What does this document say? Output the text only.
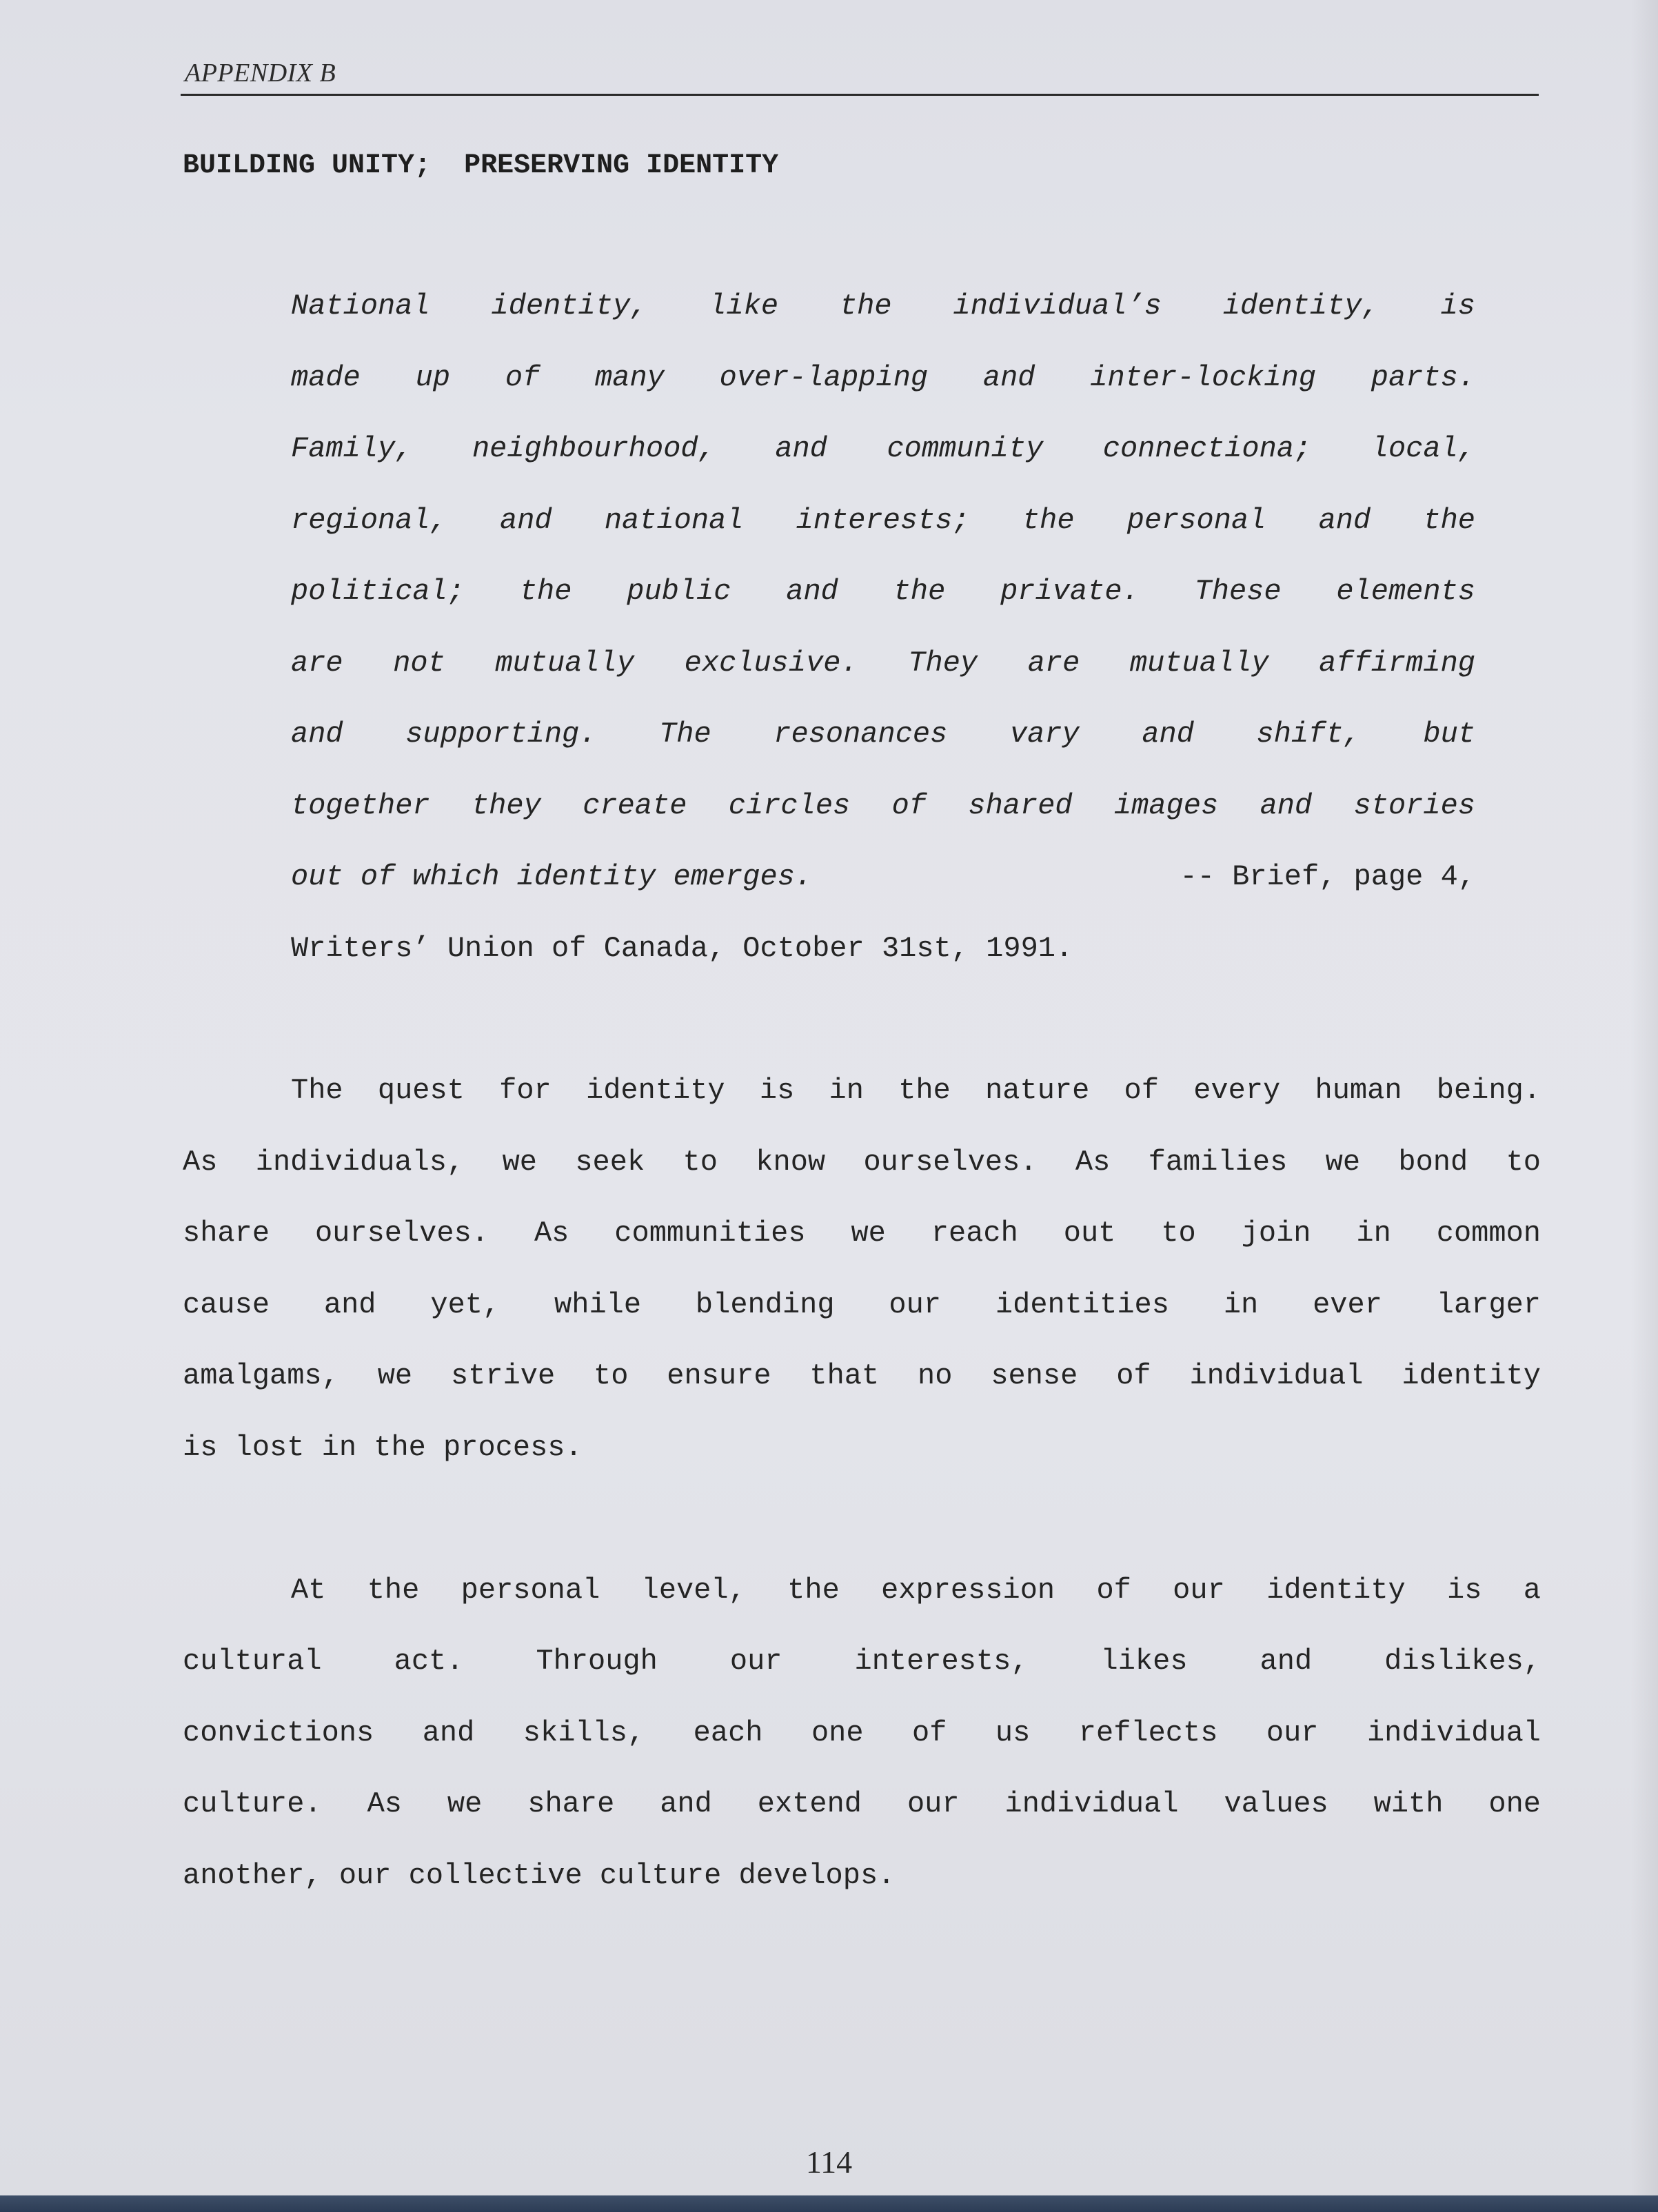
APPENDIX B
BUILDING UNITY;  PRESERVING IDENTITY
National identity, like the individual’s identity, is
made up of many over-lapping and inter-locking parts.
Family, neighbourhood, and community connectiona; local,
regional, and national interests; the personal and the
political; the public and the private. These elements
are not mutually exclusive. They are mutually affirming
and supporting. The resonances vary and shift, but
together they create circles of shared images and stories
out of which identity emerges.	-- Brief, page 4,
Writers’ Union of Canada, October 31st, 1991.
The quest for identity is in the nature of every human being.
As individuals, we seek to know ourselves. As families we bond to
share ourselves. As communities we reach out to join in common
cause and yet, while blending our identities in ever larger
amalgams, we strive to ensure that no sense of individual identity
is lost in the process.
At the personal level, the expression of our identity is a
cultural act. Through our interests, likes and dislikes,
convictions and skills, each one of us reflects our individual
culture. As we share and extend our individual values with one
another, our collective culture develops.
114
